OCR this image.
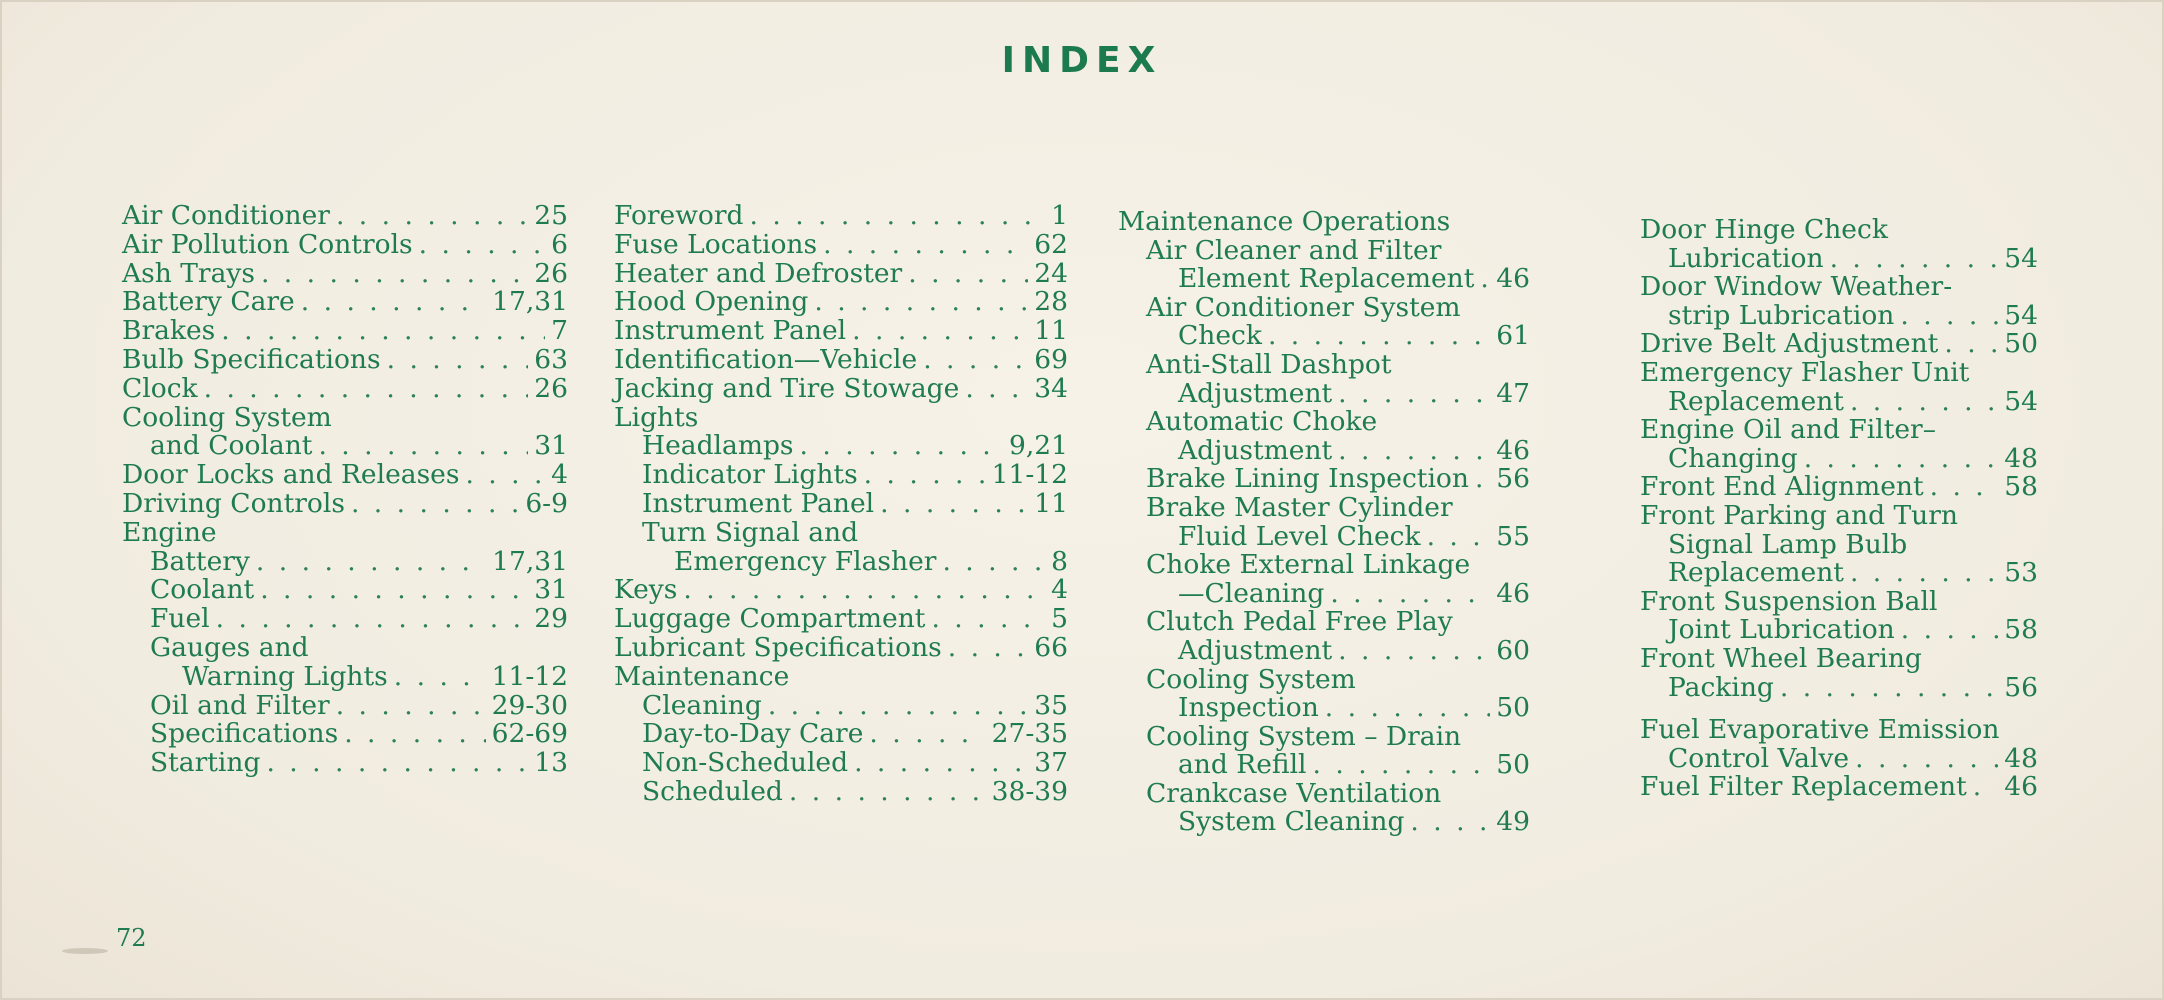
INDEX
Air Conditioner . . .	25
Air Pollution Controls . . .	6
Ash Trays . . .	26
Battery Care . . .	17,31
Brakes . . .	7
Bulb Specifications . . .	63
Clock . . .	26
Cooling System
and Coolant . . .	31
Door Locks and Releases . . .	4
Driving Controls . . .	6-9
Engine
Battery . . .	17,31
Coolant . . .	31
Fuel . . .	29
Gauges and
Warning Lights . . .	11-12
Oil and Filter . . .	29-30
Specifications . . .	62-69
Starting . . .	13
Foreword . . .	1
Fuse Locations . . .	62
Heater and Defroster . . .	24
Hood Opening . . .	28
Instrument Panel . . .	11
Identification—Vehicle . . .	69
Jacking and Tire Stowage . . .	34
Lights
Headlamps . . .	9,21
Indicator Lights . . .	11-12
Instrument Panel . . .	11
Turn Signal and
Emergency Flasher . . .	8
Keys . . .	4
Luggage Compartment . . .	5
Lubricant Specifications . . .	66
Maintenance
Cleaning . . .	35
Day-to-Day Care . . .	27-35
Non-Scheduled . . .	37
Scheduled . . .	38-39
Maintenance Operations
Air Cleaner and Filter
Element Replacement . . . 46
Air Conditioner System
Check . . .	61
Anti-Stall Dashpot
Adjustment . . .	47
Automatic Choke
Adjustment . . .	46
Brake Lining Inspection . . . 56
Brake Master Cylinder
Fluid Level Check . . .	55
Choke External Linkage
—Cleaning . . .	46
Clutch Pedal Free Play
Adjustment . . .	60
Cooling System
Inspection . . .	50
Cooling System – Drain
and Refill . . .	50
Crankcase Ventilation
System Cleaning . . .	49
Door Hinge Check
Lubrication . . .	54
Door Window Weather-
strip Lubrication . . .	54
Drive Belt Adjustment . . . 50
Emergency Flasher Unit
Replacement . . .	54
Engine Oil and Filter–
Changing . . .	48
Front End Alignment . . .	58
Front Parking and Turn
Signal Lamp Bulb
Replacement . . .	53
Front Suspension Ball
Joint Lubrication . . .	58
Front Wheel Bearing
Packing . . .	56
Fuel Evaporative Emission
Control Valve . . .	48
Fuel Filter Replacement . . . 46
72
